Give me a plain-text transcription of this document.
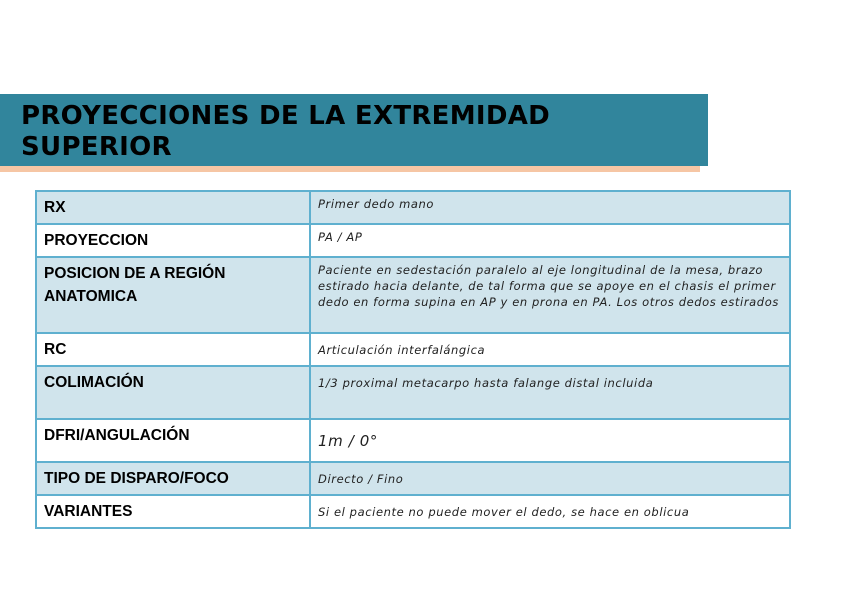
PROYECCIONES DE LA EXTREMIDAD SUPERIOR
RX	Primer dedo mano
PROYECCION	PA / AP
POSICION DE A REGIÓN ANATOMICA	Paciente en sedestación paralelo al eje longitudinal de la mesa, brazo estirado hacia delante, de tal forma que se apoye en el chasis el primer dedo en forma supina en AP y en prona en PA. Los otros dedos estirados
RC	Articulación interfalángica
COLIMACIÓN	1/3 proximal metacarpo hasta falange distal incluida
DFRI/ANGULACIÓN	1m / 0°
TIPO DE DISPARO/FOCO	Directo / Fino
VARIANTES	Si el paciente no puede mover el dedo, se hace en oblicua
